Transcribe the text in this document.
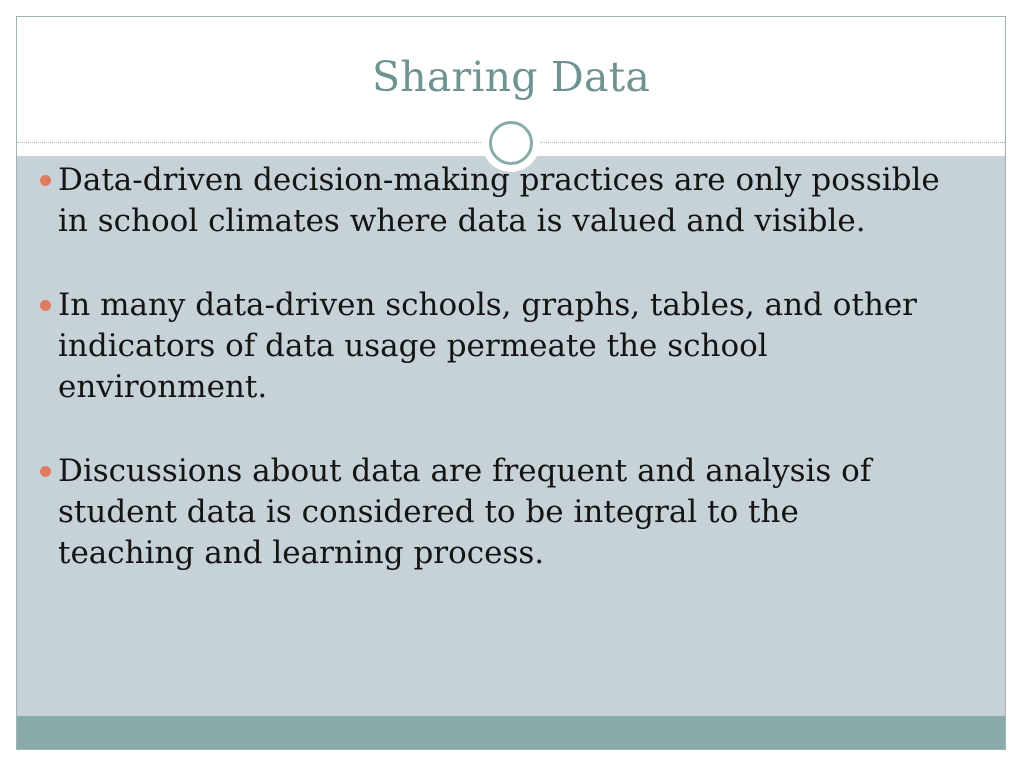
Sharing Data
Data-driven decision-making practices are only possible in school climates where data is valued and visible.
In many data-driven schools, graphs, tables, and other indicators of data usage permeate the school environment.
Discussions about data are frequent and analysis of student data is considered to be integral to the teaching and learning process.
